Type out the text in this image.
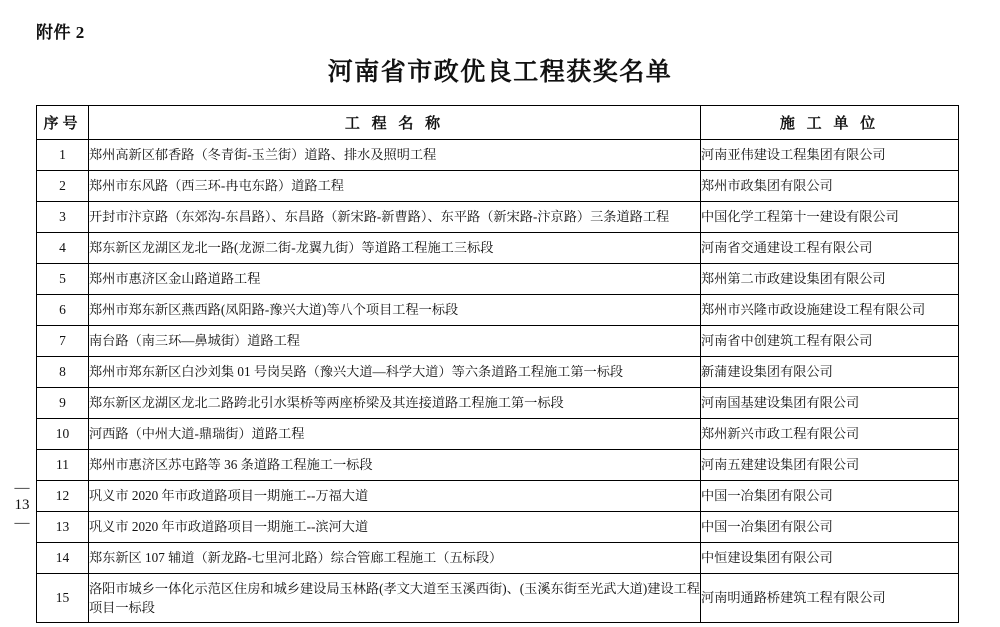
附件 2
河南省市政优良工程获奖名单
—
13
—
序号	工 程 名 称	施 工 单 位
1	郑州高新区郁香路（冬青街-玉兰街）道路、排水及照明工程	河南亚伟建设工程集团有限公司
2	郑州市东风路（西三环-冉屯东路）道路工程	郑州市政集团有限公司
3	开封市汴京路（东郊沟-东昌路）、东昌路（新宋路-新曹路）、东平路（新宋路-汴京路）三条道路工程	中国化学工程第十一建设有限公司
4	郑东新区龙湖区龙北一路(龙源二街-龙翼九街）等道路工程施工三标段	河南省交通建设工程有限公司
5	郑州市惠济区金山路道路工程	郑州第二市政建设集团有限公司
6	郑州市郑东新区燕西路(凤阳路-豫兴大道)等八个项目工程一标段	郑州市兴隆市政设施建设工程有限公司
7	南台路（南三环—鼻城街）道路工程	河南省中创建筑工程有限公司
8	郑州市郑东新区白沙刘集 01 号岗吴路（豫兴大道—科学大道）等六条道路工程施工第一标段	新蒲建设集团有限公司
9	郑东新区龙湖区龙北二路跨北引水渠桥等两座桥梁及其连接道路工程施工第一标段	河南国基建设集团有限公司
10	河西路（中州大道-鼎瑞街）道路工程	郑州新兴市政工程有限公司
11	郑州市惠济区苏屯路等 36 条道路工程施工一标段	河南五建建设集团有限公司
12	巩义市 2020 年市政道路项目一期施工--万福大道	中国一冶集团有限公司
13	巩义市 2020 年市政道路项目一期施工--滨河大道	中国一冶集团有限公司
14	郑东新区 107 辅道（新龙路-七里河北路）综合管廊工程施工（五标段）	中恒建设集团有限公司
15	洛阳市城乡一体化示范区住房和城乡建设局玉林路(孝文大道至玉溪西街)、(玉溪东街至光武大道)建设工程项目一标段	河南明通路桥建筑工程有限公司
